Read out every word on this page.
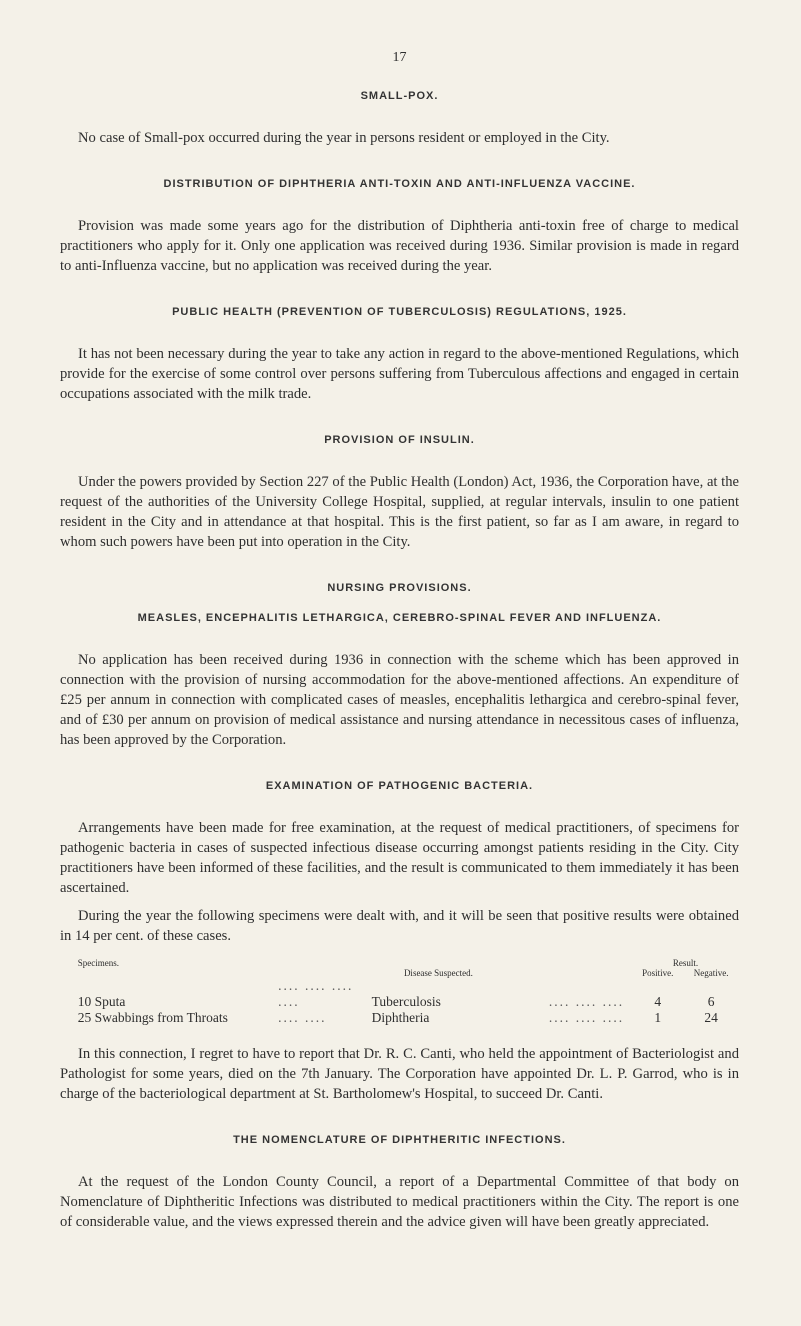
17
SMALL-POX.

No case of Small-pox occurred during the year in persons resident or employed in the City.

DISTRIBUTION OF DIPHTHERIA ANTI-TOXIN AND ANTI-INFLUENZA VACCINE.

Provision was made some years ago for the distribution of Diphtheria anti-toxin free of charge to medical practitioners who apply for it. Only one application was received during 1936. Similar provision is made in regard to anti-Influenza vaccine, but no application was received during the year.

PUBLIC HEALTH (PREVENTION OF TUBERCULOSIS) REGULATIONS, 1925.

It has not been necessary during the year to take any action in regard to the above-mentioned Regulations, which provide for the exercise of some control over persons suffering from Tuberculous affections and engaged in certain occupations associated with the milk trade.

PROVISION OF INSULIN.

Under the powers provided by Section 227 of the Public Health (London) Act, 1936, the Corporation have, at the request of the authorities of the University College Hospital, supplied, at regular intervals, insulin to one patient resident in the City and in attendance at that hospital. This is the first patient, so far as I am aware, in regard to whom such powers have been put into operation in the City.

NURSING PROVISIONS.
MEASLES, ENCEPHALITIS LETHARGICA, CEREBRO-SPINAL FEVER AND INFLUENZA.

No application has been received during 1936 in connection with the scheme which has been approved in connection with the provision of nursing accommodation for the above-mentioned affections. An expenditure of £25 per annum in connection with complicated cases of measles, encephalitis lethargica and cerebro-spinal fever, and of £30 per annum on provision of medical assistance and nursing attendance in necessitous cases of influenza, has been approved by the Corporation.

EXAMINATION OF PATHOGENIC BACTERIA.

Arrangements have been made for free examination, at the request of medical practitioners, of specimens for pathogenic bacteria in cases of suspected infectious disease occurring amongst patients residing in the City. City practitioners have been informed of these facilities, and the result is communicated to them immediately it has been ascertained.

During the year the following specimens were dealt with, and it will be seen that positive results were obtained in 14 per cent. of these cases.

	Specimens.		Disease Suspected.		Result.	
					Positive.	Negative.
	10 Sputa	.... .... .... ....	Tuberculosis	.... .... ....	4	6
	25 Swabbings from Throats	.... ....	Diphtheria	.... .... ....	1	24

In this connection, I regret to have to report that Dr. R. C. Canti, who held the appointment of Bacteriologist and Pathologist for some years, died on the 7th January. The Corporation have appointed Dr. L. P. Garrod, who is in charge of the bacteriological department at St. Bartholomew's Hospital, to succeed Dr. Canti.

THE NOMENCLATURE OF DIPHTHERITIC INFECTIONS.

At the request of the London County Council, a report of a Departmental Committee of that body on Nomenclature of Diphtheritic Infections was distributed to medical practitioners within the City. The report is one of considerable value, and the views expressed therein and the advice given will have been greatly appreciated.
